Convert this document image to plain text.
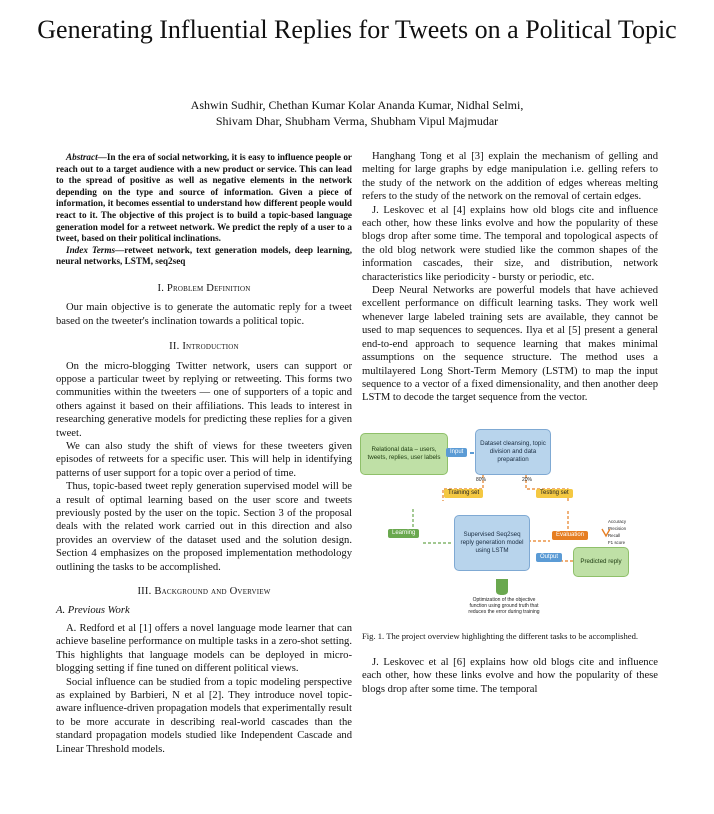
Generating Influential Replies for Tweets on a Political Topic
Ashwin Sudhir, Chethan Kumar Kolar Ananda Kumar, Nidhal Selmi,
Shivam Dhar, Shubham Verma, Shubham Vipul Majmudar
Abstract—In the era of social networking, it is easy to influence people or reach out to a target audience with a new product or service. This can lead to the spread of positive as well as negative elements in the network depending on the type and source of information. Given a piece of information, it becomes essential to understand how different people would react to it. The objective of this project is to build a topic-based language generation model for a retweet network. We predict the reply of a user to a tweet, based on their political inclinations.
Index Terms—retweet network, text generation models, deep learning, neural networks, LSTM, seq2seq
I. Problem Definition

Our main objective is to generate the automatic reply for a tweet based on the tweeter's inclination towards a political topic.

II. Introduction

On the micro-blogging Twitter network, users can support or oppose a particular tweet by replying or retweeting. This forms two communities within the tweeters — one of supporters of a topic and others against it based on their affiliations. This leads to interest in researching generative models for predicting these replies for a given tweet.

We can also study the shift of views for these tweeters given episodes of retweets for a specific user. This will help in identifying patterns of user support for a topic over a period of time.

Thus, topic-based tweet reply generation supervised model will be a result of optimal learning based on the user score and tweets previously posted by the user on the topic. Section 3 of the proposal deals with the related work carried out in this direction and also provides an overview of the dataset used and the solution design. Section 4 emphasizes on the proposed implementation methodology outlining the tasks to be accomplished.

III. Background and Overview
A. Previous Work

A. Redford et al [1] offers a novel language mode learner that can achieve baseline performance on multiple tasks in a zero-shot setting. This highlights that language models can be deployed in micro-blogging setting if fine tuned on different political views.

Social influence can be studied from a topic modeling perspective as explained by Barbieri, N et al [2]. They introduce novel topic-aware influence-driven propagation models that experimentally result to be more accurate in describing real-world cascades than the standard propagation models studied like Independent Cascade and Linear Threshold models.

Hanghang Tong et al [3] explain the mechanism of gelling and melting for large graphs by edge manipulation i.e. gelling refers to the study of the network on the addition of edges whereas melting refers to the study of the network on the removal of certain edges.

J. Leskovec et al [4] explains how old blogs cite and influence each other, how these links evolve and how the popularity of these blogs drop after some time. The temporal and topological aspects of the old blog network were studied like the common shapes of the information cascades, their size, and distribution, network characteristics like periodicity - bursty or periodic, etc.

Deep Neural Networks are powerful models that have achieved excellent performance on difficult learning tasks. They work well whenever large labeled training sets are available, they cannot be used to map sequences to sequences. Ilya et al [5] present a general end-to-end approach to sequence learning that makes minimal assumptions on the sequence structure. The method uses a multilayered Long Short-Term Memory (LSTM) to map the input sequence to a vector of a fixed dimensionality, and then another deep LSTM to decode the target sequence from the vector.

Relational data – users, tweets, replies, user labels
Input
Dataset cleansing, topic division and data preparation
80%	20%
Training set	Testing set
Learning	Supervised Seq2seq reply generation model using LSTM
Evaluation
Accuracy
Precision
Recall
F1 score
Output
Predicted reply
Optimization of the objective function using ground truth that reduces the error during training
Fig. 1. The project overview highlighting the different tasks to be accomplished.

J. Leskovec et al [6] explains how old blogs cite and influence each other, how these links evolve and how the popularity of these blogs drop after some time. The temporal
